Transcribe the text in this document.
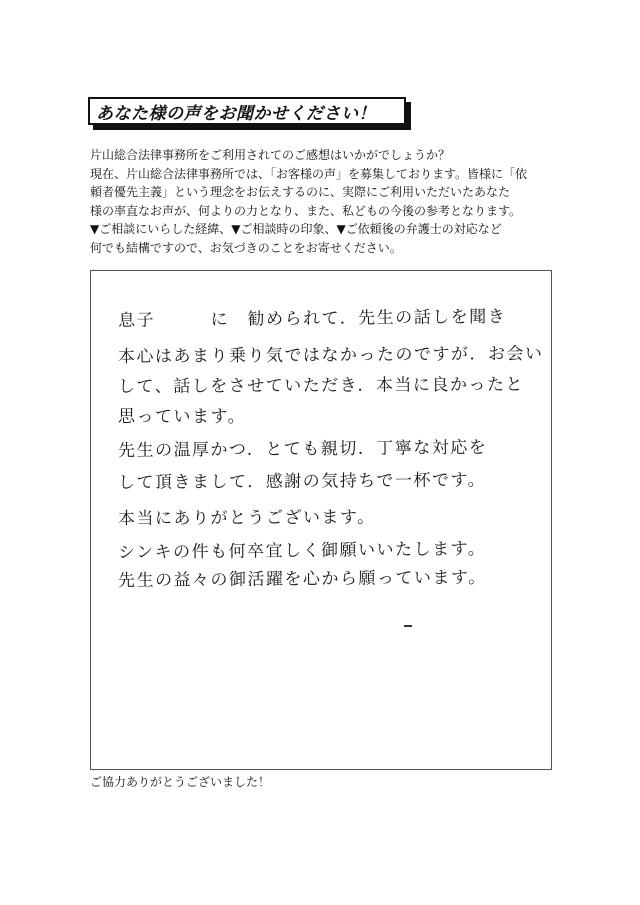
あなた様の声をお聞かせください！
片山総合法律事務所をご利用されてのご感想はいかがでしょうか？
現在、片山総合法律事務所では、「お客様の声」を募集しております。皆様に「依
頼者優先主義」という理念をお伝えするのに、実際にご利用いただいたあなた
様の率直なお声が、何よりの力となり、また、私どもの今後の参考となります。
▼ご相談にいらした経緯、▼ご相談時の印象、▼ご依頼後の弁護士の対応など
何でも結構ですので、お気づきのことをお寄せください。
息子　　　に　勧められて．先生の話しを聞き
本心はあまり乗り気ではなかったのですが．お会い
して、話しをさせていただき．本当に良かったと
思っています。
先生の温厚かつ．とても親切．丁寧な対応を
して頂きまして．感謝の気持ちで一杯です。
本当にありがとうございます。
シンキの件も何卒宜しく御願いいたします。
先生の益々の御活躍を心から願っています。
ご協力ありがとうございました！
